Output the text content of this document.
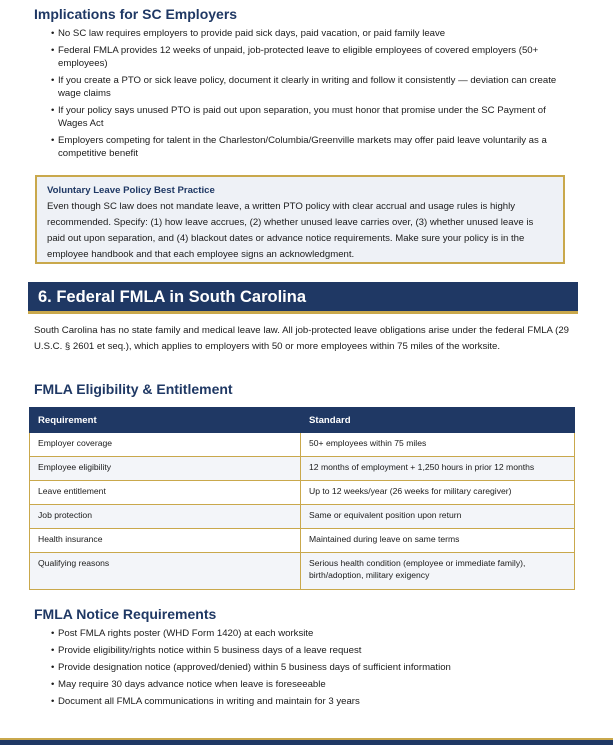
Implications for SC Employers
• No SC law requires employers to provide paid sick days, paid vacation, or paid family leave
• Federal FMLA provides 12 weeks of unpaid, job-protected leave to eligible employees of covered employers (50+ employees)
• If you create a PTO or sick leave policy, document it clearly in writing and follow it consistently — deviation can create wage claims
• If your policy says unused PTO is paid out upon separation, you must honor that promise under the SC Payment of Wages Act
• Employers competing for talent in the Charleston/Columbia/Greenville markets may offer paid leave voluntarily as a competitive benefit
Voluntary Leave Policy Best Practice
Even though SC law does not mandate leave, a written PTO policy with clear accrual and usage rules is highly recommended. Specify: (1) how leave accrues, (2) whether unused leave carries over, (3) whether unused leave is paid out upon separation, and (4) blackout dates or advance notice requirements. Make sure your policy is in the employee handbook and that each employee signs an acknowledgment.
6. Federal FMLA in South Carolina
South Carolina has no state family and medical leave law. All job-protected leave obligations arise under the federal FMLA (29 U.S.C. § 2601 et seq.), which applies to employers with 50 or more employees within 75 miles of the worksite.
FMLA Eligibility & Entitlement
Requirement	Standard
Employer coverage	50+ employees within 75 miles
Employee eligibility	12 months of employment + 1,250 hours in prior 12 months
Leave entitlement	Up to 12 weeks/year (26 weeks for military caregiver)
Job protection	Same or equivalent position upon return
Health insurance	Maintained during leave on same terms
Qualifying reasons	Serious health condition (employee or immediate family), birth/adoption, military exigency
FMLA Notice Requirements
• Post FMLA rights poster (WHD Form 1420) at each worksite
• Provide eligibility/rights notice within 5 business days of a leave request
• Provide designation notice (approved/denied) within 5 business days of sufficient information
• May require 30 days advance notice when leave is foreseeable
• Document all FMLA communications in writing and maintain for 3 years
